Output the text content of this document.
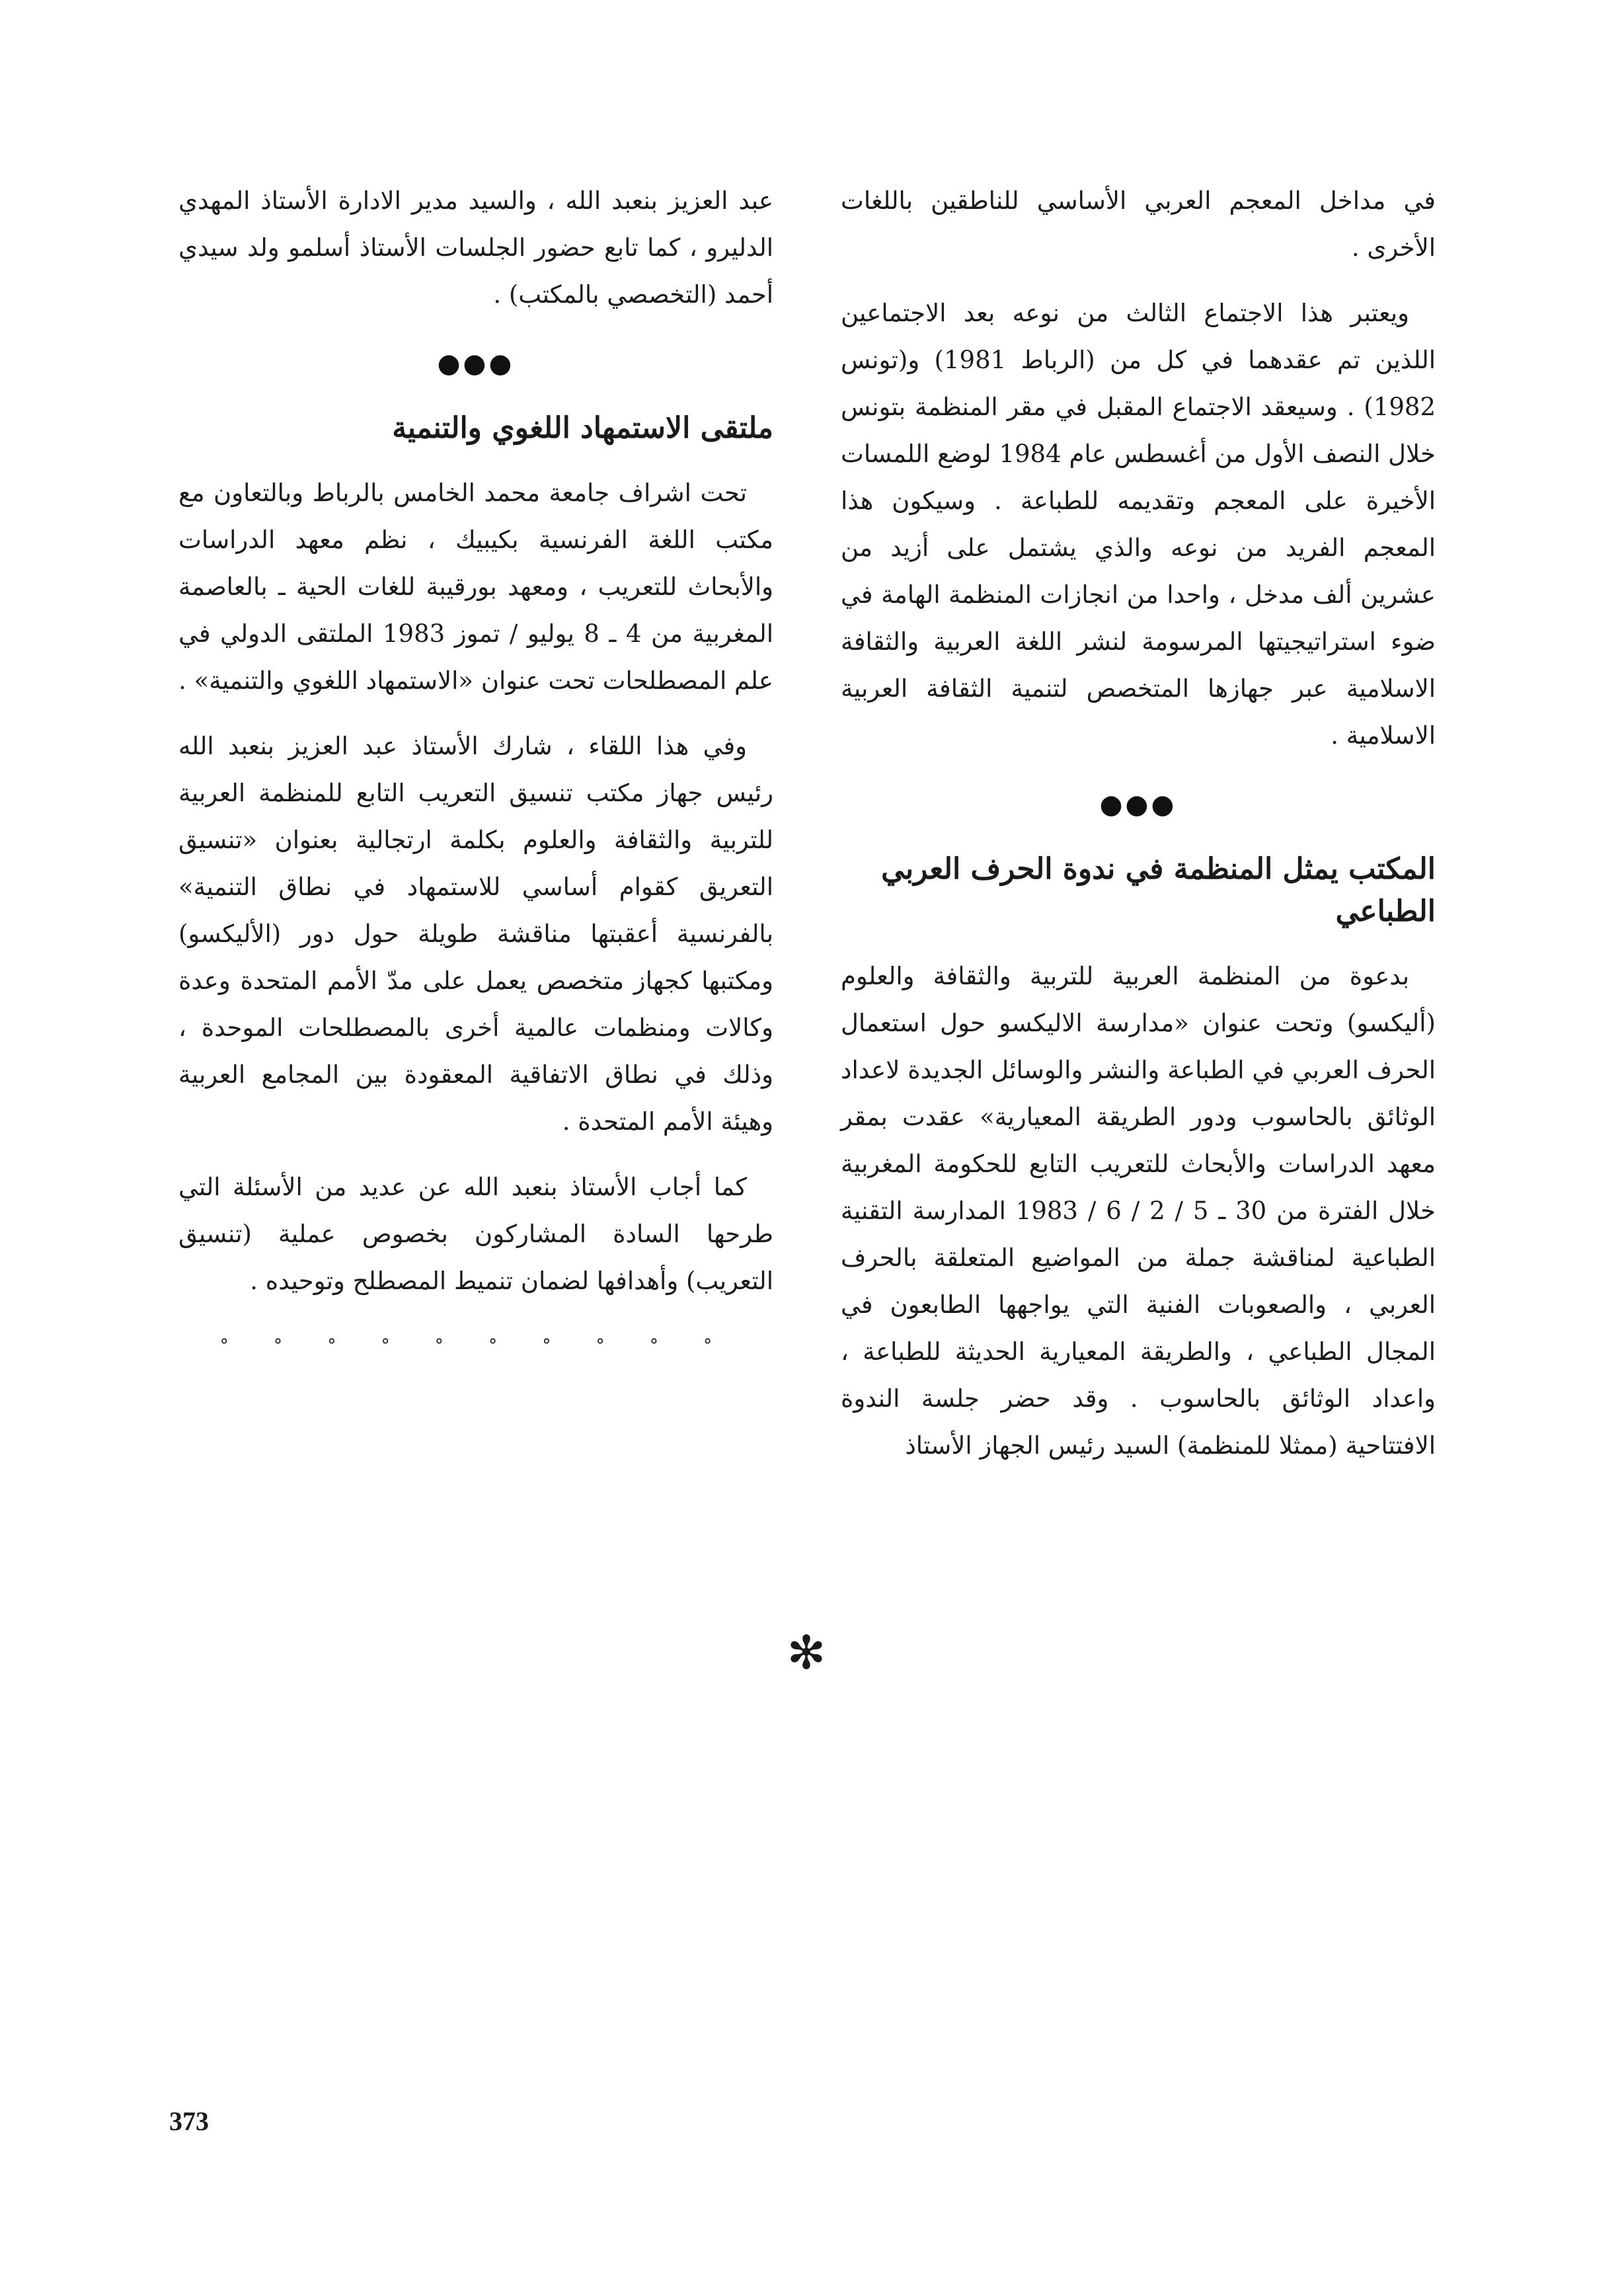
في مداخل المعجم العربي الأساسي للناطقين باللغات الأخرى .

ويعتبر هذا الاجتماع الثالث من نوعه بعد الاجتماعين اللذين تم عقدهما في كل من (الرباط 1981) و(تونس 1982) . وسيعقد الاجتماع المقبل في مقر المنظمة بتونس خلال النصف الأول من أغسطس عام 1984 لوضع اللمسات الأخيرة على المعجم وتقديمه للطباعة . وسيكون هذا المعجم الفريد من نوعه والذي يشتمل على أزيد من عشرين ألف مدخل ، واحدا من انجازات المنظمة الهامة في ضوء استراتيجيتها المرسومة لنشر اللغة العربية والثقافة الاسلامية عبر جهازها المتخصص لتنمية الثقافة العربية الاسلامية .

●●●
المكتب يمثل المنظمة في ندوة الحرف العربي الطباعي

بدعوة من المنظمة العربية للتربية والثقافة والعلوم (أليكسو) وتحت عنوان «مدارسة الاليكسو حول استعمال الحرف العربي في الطباعة والنشر والوسائل الجديدة لاعداد الوثائق بالحاسوب ودور الطريقة المعيارية» عقدت بمقر معهد الدراسات والأبحاث للتعريب التابع للحكومة المغربية خلال الفترة من 30 ـ 5 / 2 / 6 / 1983 المدارسة التقنية الطباعية لمناقشة جملة من المواضيع المتعلقة بالحرف العربي ، والصعوبات الفنية التي يواجهها الطابعون في المجال الطباعي ، والطريقة المعيارية الحديثة للطباعة ، واعداد الوثائق بالحاسوب . وقد حضر جلسة الندوة الافتتاحية (ممثلا للمنظمة) السيد رئيس الجهاز الأستاذ

عبد العزيز بنعبد الله ، والسيد مدير الادارة الأستاذ المهدي الدليرو ، كما تابع حضور الجلسات الأستاذ أسلمو ولد سيدي أحمد (التخصصي بالمكتب) .

●●●
ملتقى الاستمهاد اللغوي والتنمية

تحت اشراف جامعة محمد الخامس بالرباط وبالتعاون مع مكتب اللغة الفرنسية بكيبيك ، نظم معهد الدراسات والأبحاث للتعريب ، ومعهد بورقيبة للغات الحية ـ بالعاصمة المغربية من 4 ـ 8 يوليو / تموز 1983 الملتقى الدولي في علم المصطلحات تحت عنوان «الاستمهاد اللغوي والتنمية» .

وفي هذا اللقاء ، شارك الأستاذ عبد العزيز بنعبد الله رئيس جهاز مكتب تنسيق التعريب التابع للمنظمة العربية للتربية والثقافة والعلوم بكلمة ارتجالية بعنوان «تنسيق التعريق كقوام أساسي للاستمهاد في نطاق التنمية» بالفرنسية أعقبتها مناقشة طويلة حول دور (الأليكسو) ومكتبها كجهاز متخصص يعمل على مدّ الأمم المتحدة وعدة وكالات ومنظمات عالمية أخرى بالمصطلحات الموحدة ، وذلك في نطاق الاتفاقية المعقودة بين المجامع العربية وهيئة الأمم المتحدة .

كما أجاب الأستاذ بنعبد الله عن عديد من الأسئلة التي طرحها السادة المشاركون بخصوص عملية (تنسيق التعريب) وأهدافها لضمان تنميط المصطلح وتوحيده .

° ° ° ° ° ° ° ° ° °
✻
373
